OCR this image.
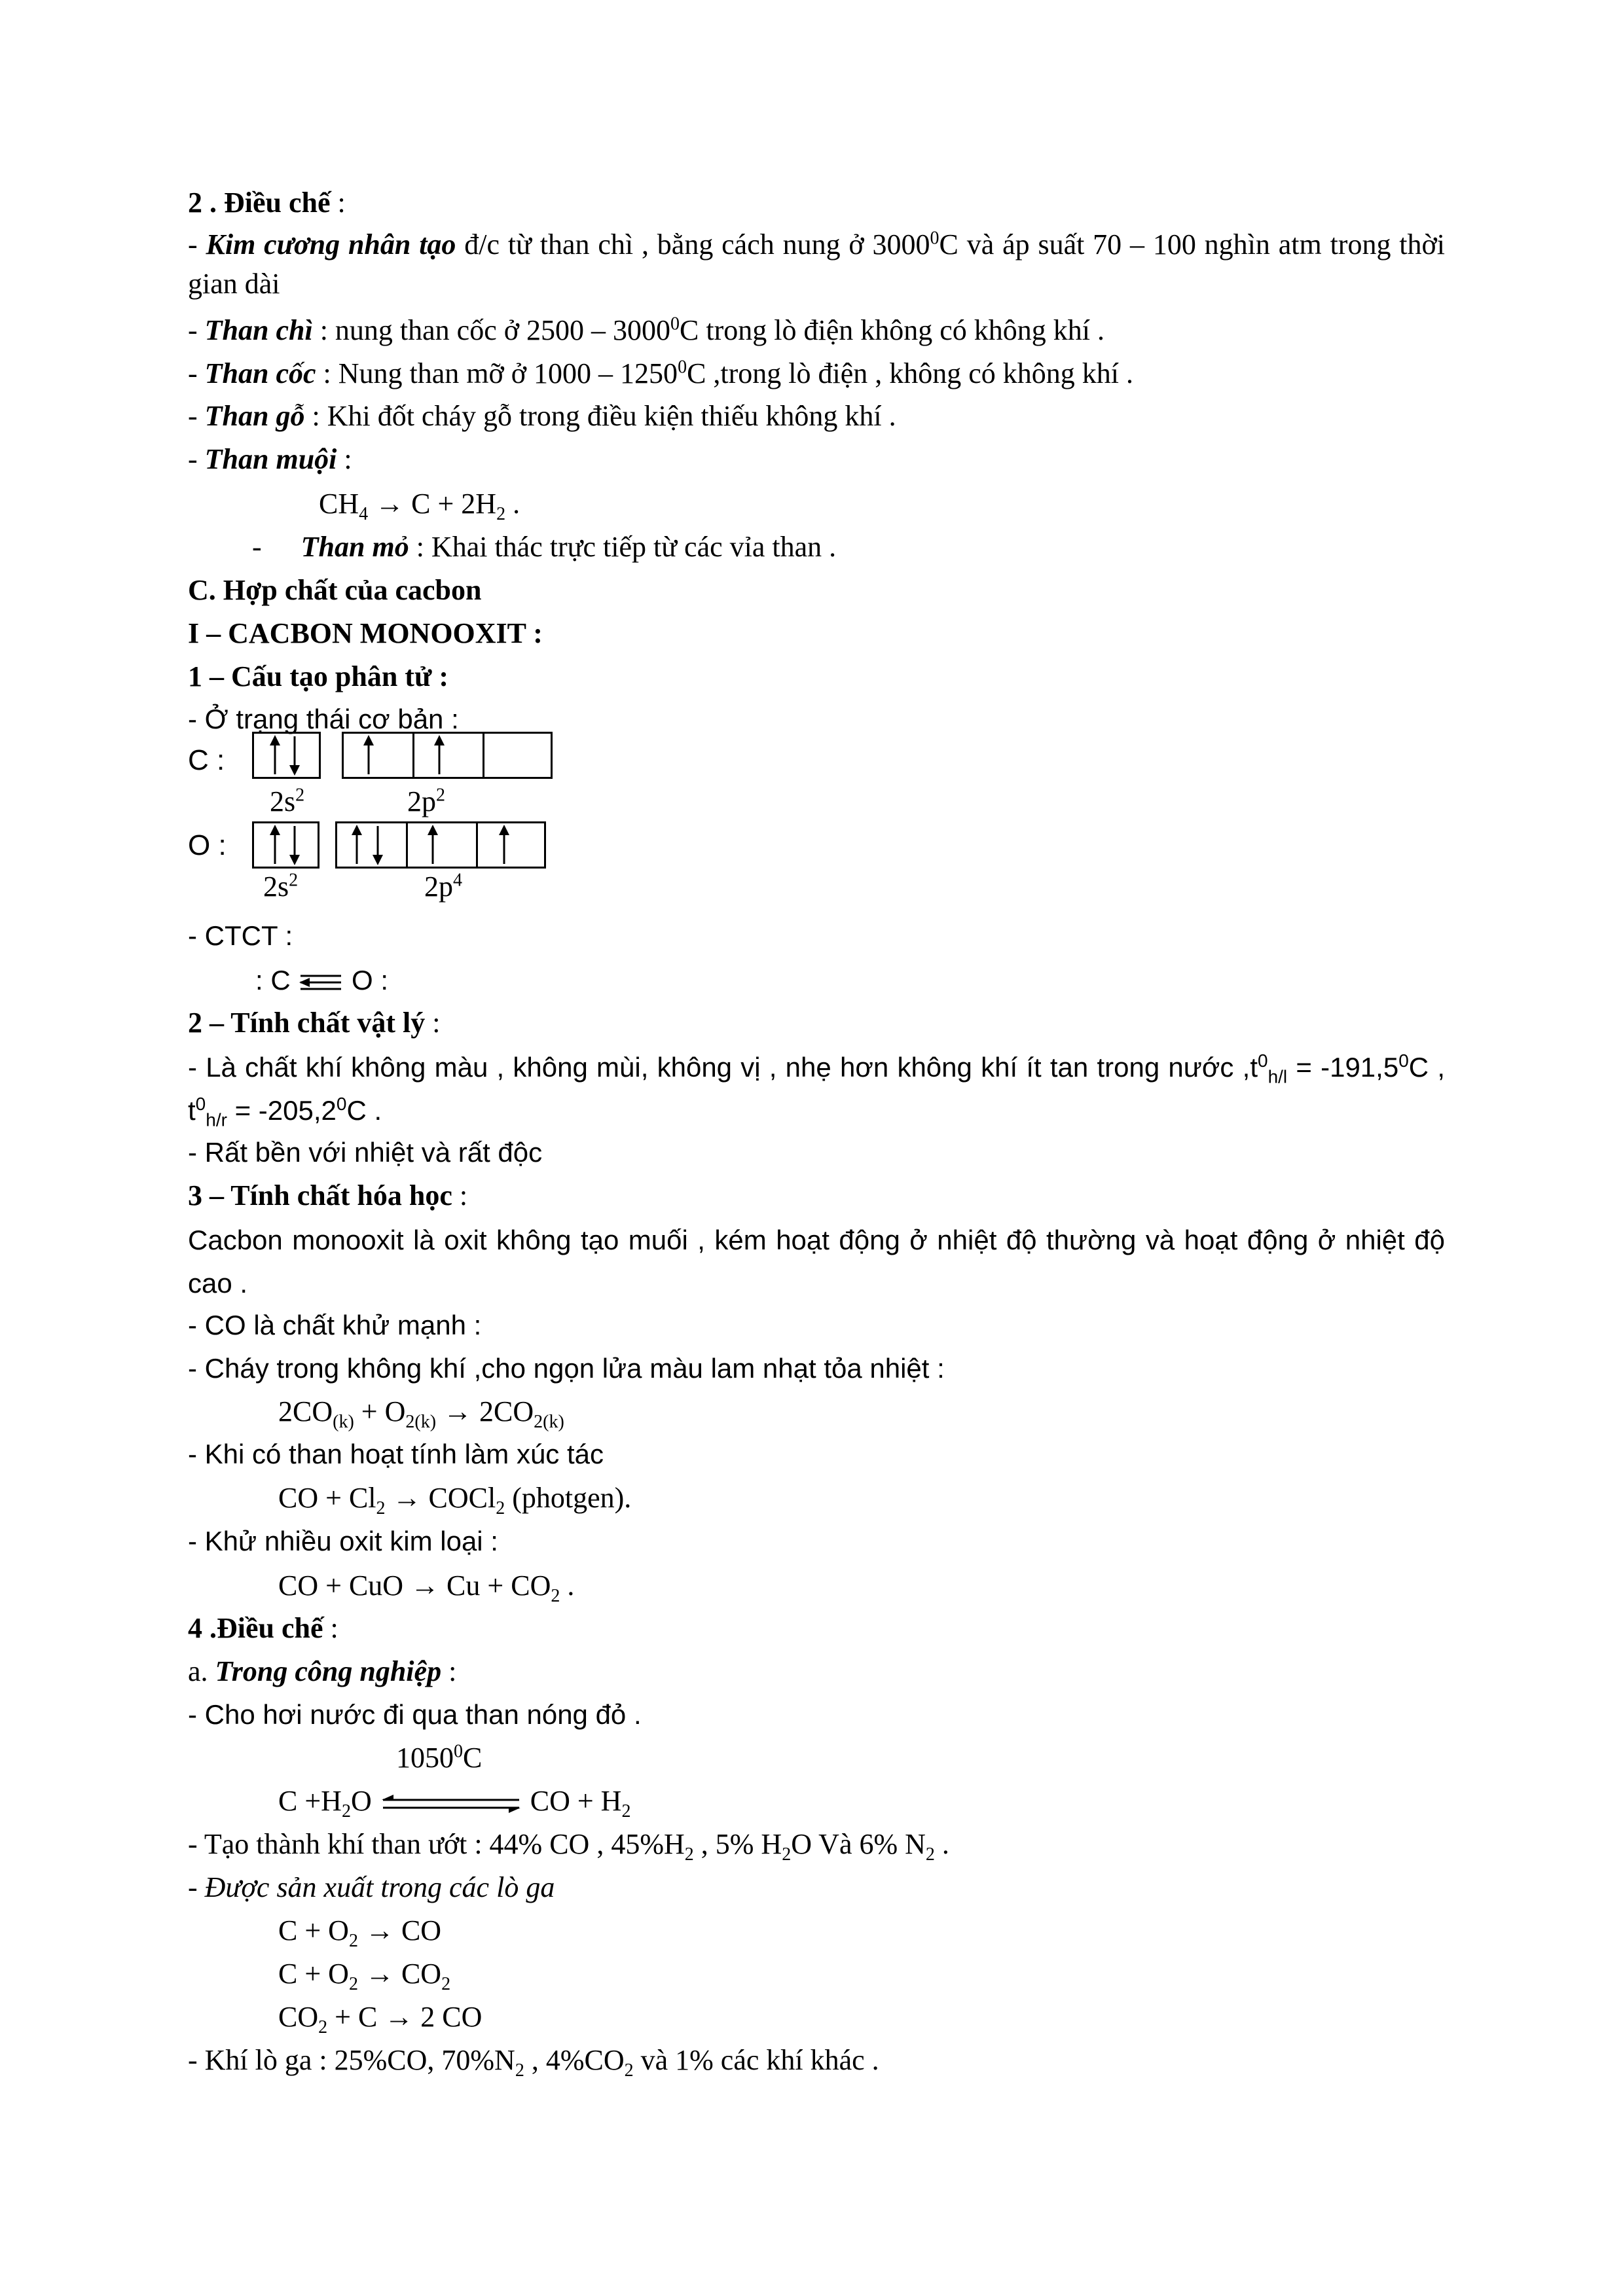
2 . Điều chế :
- Kim cương nhân tạo đ/c từ than chì , bằng cách nung ở 3000$^0$C và áp suất 70 – 100 nghìn atm trong thời gian dài
- Than chì : nung than cốc ở 2500 – 3000$^0$C trong lò điện không có không khí .
- Than cốc : Nung than mỡ ở 1000 – 1250$^0$C ,trong lò điện , không có không khí .
- Than gỗ : Khi đốt cháy gỗ trong điều kiện thiếu không khí .
- Than muội :
$CH_4 \to C + 2H_2$ .
- Than mỏ : Khai thác trực tiếp từ các vỉa than .
C. Hợp chất của cacbon
I – CACBON MONOOXIT :
1 – Cấu tạo phân tử :
- Ở trạng thái cơ bản :
C :
$2s^2$	$2p^2$
O :
$2s^2$	$2p^4$
- CTCT :
: C O :
2 – Tính chất vật lý :
- Là chất khí không màu , không mùi, không vị , nhẹ hơn không khí ít tan trong nước $,t^0_{h/l} = -191,5^0C$ , $t^0_{h/r} = -205,2^0C$ .
- Rất bền với nhiệt và rất độc
3 – Tính chất hóa học :
Cacbon monooxit là oxit không tạo muối , kém hoạt động ở nhiệt độ thường và hoạt động ở nhiệt độ cao .
- CO là chất khử mạnh :
- Cháy trong không khí ,cho ngọn lửa màu lam nhạt tỏa nhiệt :
$2CO_{(k)} + O_{2(k)} \to 2CO_{2(k)}$
- Khi có than hoạt tính làm xúc tác
CO + $Cl_2$ → COCl$_2$ (photgen).
- Khử nhiều oxit kim loại :
CO + CuO → $Cu + CO_2$ .
4 .Điều chế :
a. Trong công nghiệp :
- Cho hơi nước đi qua than nóng đỏ .
1050$^0$C
$C +H_2O$	CO + $H_2$
- Tạo thành khí than ướt : 44% CO , $45\%H_2$ , 5% $H_2O$ Và 6% $N_2$ .
- Được sản xuất trong các lò ga
$C + O_2$ → CO
$C + O_2 \to CO_2$
$CO_2 + C \to 2$ CO
- Khí lò ga : 25%CO, $70\%N_2$ , $4\%CO_2$ và 1% các khí khác .
